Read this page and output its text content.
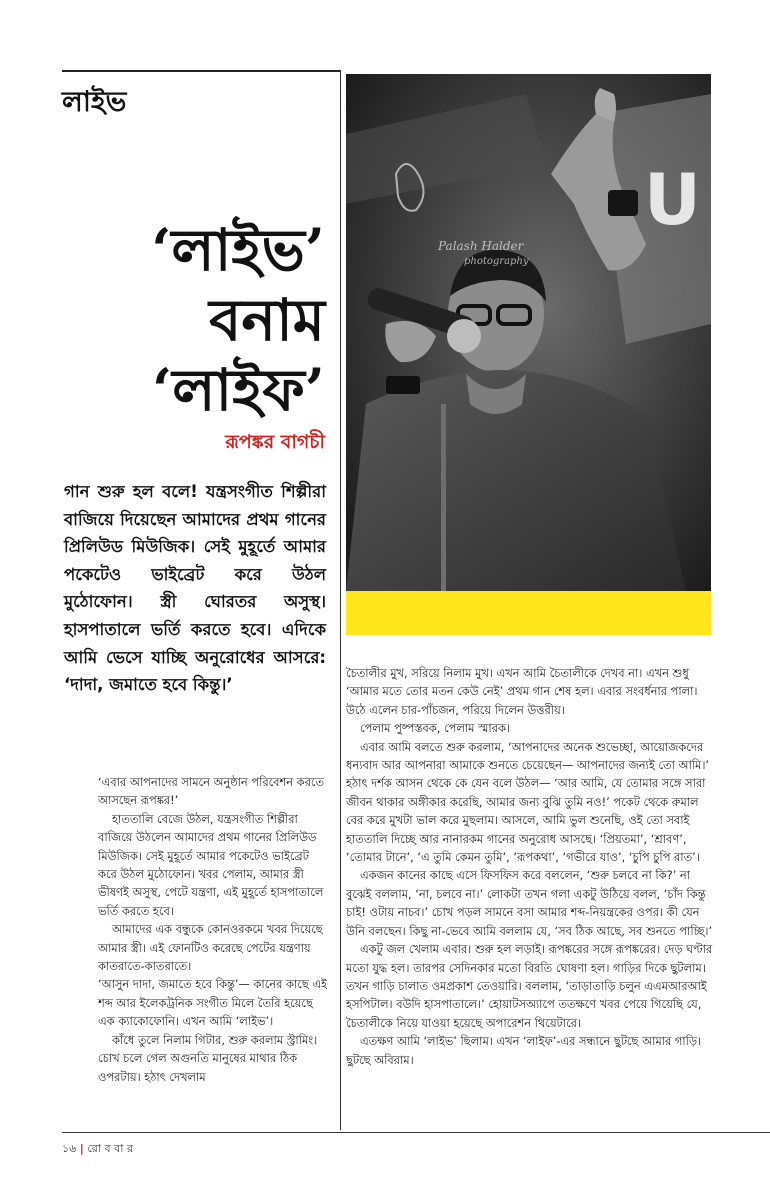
লাইভ
‘লাইভ’
বনাম
‘লাইফ’
রূপঙ্কর বাগচী

গান শুরু হল বলে! যন্ত্রসংগীত শিল্পীরা বাজিয়ে দিয়েছেন আমাদের প্রথম গানের প্রিলিউড মিউজিক। সেই মুহূর্তে আমার পকেটেও ভাইব্রেট করে উঠল মুঠোফোন। স্ত্রী ঘোরতর অসুস্থ। হাসপাতালে ভর্তি করতে হবে। এদিকে আমি ভেসে যাচ্ছি অনুরোধের আসরে: ‘দাদা, জমাতে হবে কিন্তু।’

U
Palash Halder
photography

‘এবার আপনাদের সামনে অনুষ্ঠান পরিবেশন করতে আসছেন রূপঙ্কর!’

হাততালি বেজে উঠল, যন্ত্রসংগীত শিল্পীরা বাজিয়ে উঠলেন আমাদের প্রথম গানের প্রিলিউড মিউজিক। সেই মুহূর্তে আমার পকেটেও ভাইব্রেট করে উঠল মুঠোফোন। খবর পেলাম, আমার স্ত্রী ভীষণই অসুস্থ, পেটে যন্ত্রণা, এই মুহূর্তে হাসপাতালে ভর্তি করতে হবে।

আমাদের এক বন্ধুকে কোনওরকমে খবর দিয়েছে আমার স্ত্রী। এই ফোনটিও করেছে পেটের যন্ত্রণায় কাতরাতে-কাতরাতে।

‘আসুন দাদা, জমাতে হবে কিন্তু’— কানের কাছে এই শব্দ আর ইলেকট্রনিক সংগীত মিলে তৈরি হয়েছে এক ক্যাকোফোনি। এখন আমি ‘লাইভ’।

কাঁধে তুলে নিলাম গিটার, শুরু করলাম স্ট্রামিং। চোখ চলে গেল অগুনতি মানুষের মাথার ঠিক ওপরটায়। হঠাৎ দেখলাম

চৈতালীর মুখ, সরিয়ে নিলাম মুখ। এখন আমি চৈতালীকে দেখব না। এখন শুধু ‘আমার মতে তোর মতন কেউ নেই’ প্রথম গান শেষ হল। এবার সংবর্ধনার পালা। উঠে এলেন চার-পাঁচজন, পরিয়ে দিলেন উত্তরীয়।

পেলাম পুষ্পস্তবক, পেলাম স্মারক।

এবার আমি বলতে শুরু করলাম, ‘আপনাদের অনেক শুভেচ্ছা, আয়োজকদের ধন্যবাদ আর আপনারা আমাকে শুনতে চেয়েছেন— আপনাদের জন্যই তো আমি।’ হঠাৎ দর্শক আসন থেকে কে যেন বলে উঠল— ‘আর আমি, যে তোমার সঙ্গে সারা জীবন থাকার অঙ্গীকার করেছি, আমার জন্য বুঝি তুমি নও!’ পকেট থেকে রুমাল বের করে মুখটা ভাল করে মুছলাম। আসলে, আমি ভুল শুনেছি, ওই তো সবাই হাততালি দিচ্ছে আর নানারকম গানের অনুরোধ আসছে। ‘প্রিয়তমা’, ‘শ্রাবণ’, ‘তোমার টানে’, ‘এ তুমি কেমন তুমি’, ‘রূপকথা’, ‘গভীরে যাও’, ‘চুপি চুপি রাত’।

একজন কানের কাছে এসে ফিসফিস করে বললেন, ‘শুরু চলবে না কি?’ না বুঝেই বললাম, ‘না, চলবে না।’ লোকটা তখন গলা একটু উঠিয়ে বলল, ‘চাঁদ কিন্তু চাই! ওটায় নাচব।’ চোখ পড়ল সামনে বসা আমার শব্দ-নিয়ন্ত্রকের ওপর। কী যেন উনি বলছেন। কিছু না-ভেবে আমি বললাম যে, ‘সব ঠিক আছে, সব শুনতে পাচ্ছি।’

একটু জল খেলাম এবার। শুরু হল লড়াই। রূপঙ্করের সঙ্গে রূপঙ্করের। দেড় ঘণ্টার মতো যুদ্ধ হল। তারপর সেদিনকার মতো বিরতি ঘোষণা হল। গাড়ির দিকে ছুটলাম। তখন গাড়ি চালাত ওমপ্রকাশ তেওয়ারি। বললাম, ‘তাড়াতাড়ি চলুন এএমআরআই হসপিটাল। বউদি হাসপাতালে।’ হোয়াটসঅ্যাপে ততক্ষণে খবর পেয়ে গিয়েছি যে, চৈতালীকে নিয়ে যাওয়া হয়েছে অপারেশন থিয়েটারে।

এতক্ষণ আমি ‘লাইভ’ ছিলাম। এখন ‘লাইফ’-এর সন্ধানে ছুটছে আমার গাড়ি। ছুটছে অবিরাম।

১৬ | রো ব বা র
